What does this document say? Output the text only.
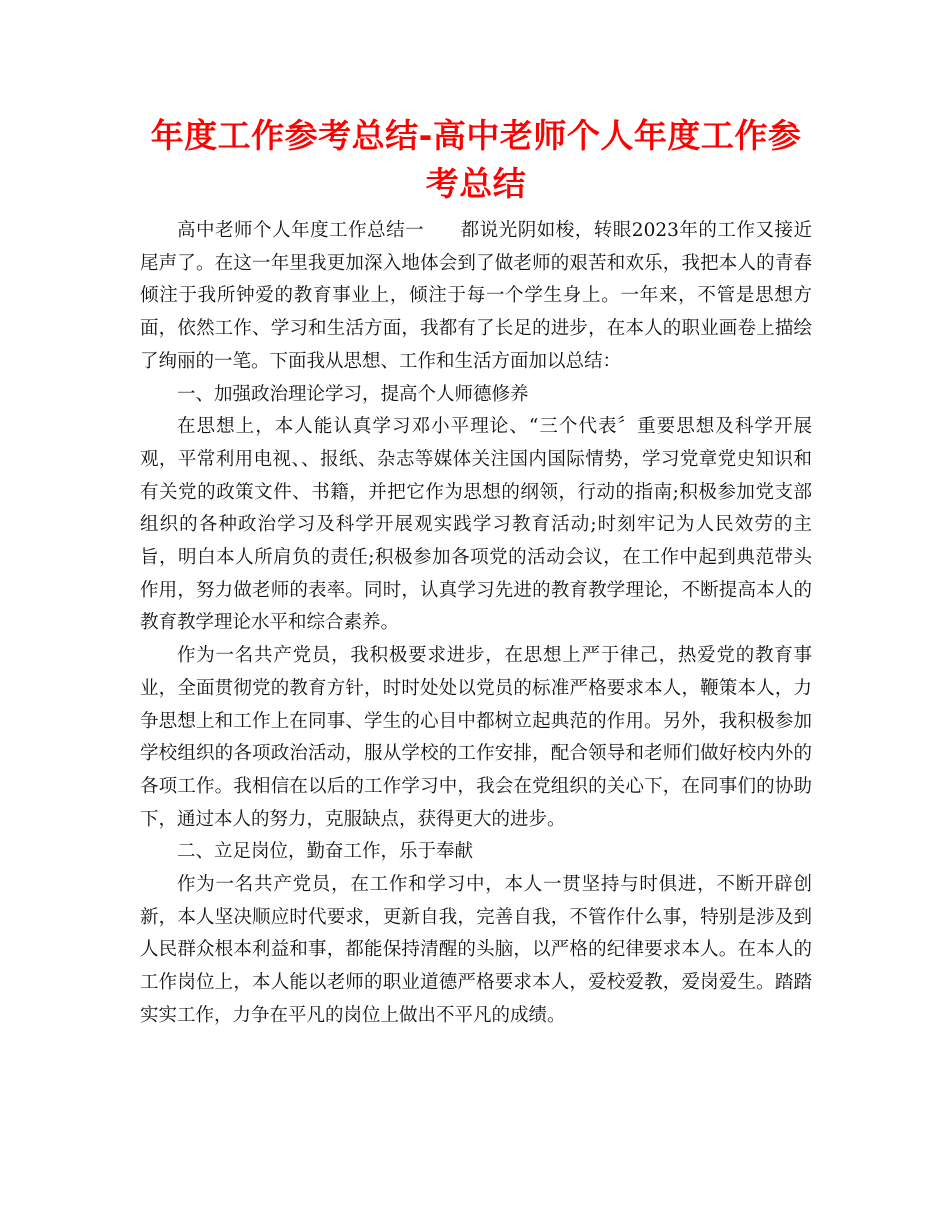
年度工作参考总结-高中老师个人年度工作参考总结

高中老师个人年度工作总结一 都说光阴如梭，转眼2023年的工作又接近尾声了。在这一年里我更加深入地体会到了做老师的艰苦和欢乐，我把本人的青春倾注于我所钟爱的教育事业上，倾注于每一个学生身上。一年来，不管是思想方面，依然工作、学习和生活方面，我都有了长足的进步，在本人的职业画卷上描绘了绚丽的一笔。下面我从思想、工作和生活方面加以总结：

一、加强政治理论学习，提高个人师德修养

在思想上，本人能认真学习邓小平理论、“三个代表〞重要思想及科学开展观，平常利用电视、、报纸、杂志等媒体关注国内国际情势，学习党章党史知识和有关党的政策文件、书籍，并把它作为思想的纲领，行动的指南;积极参加党支部组织的各种政治学习及科学开展观实践学习教育活动;时刻牢记为人民效劳的主旨，明白本人所肩负的责任;积极参加各项党的活动会议，在工作中起到典范带头作用，努力做老师的表率。同时，认真学习先进的教育教学理论，不断提高本人的教育教学理论水平和综合素养。

作为一名共产党员，我积极要求进步，在思想上严于律己，热爱党的教育事业，全面贯彻党的教育方针，时时处处以党员的标准严格要求本人，鞭策本人，力争思想上和工作上在同事、学生的心目中都树立起典范的作用。另外，我积极参加学校组织的各项政治活动，服从学校的工作安排，配合领导和老师们做好校内外的各项工作。我相信在以后的工作学习中，我会在党组织的关心下，在同事们的协助下，通过本人的努力，克服缺点，获得更大的进步。

二、立足岗位，勤奋工作，乐于奉献

作为一名共产党员，在工作和学习中，本人一贯坚持与时俱进，不断开辟创新，本人坚决顺应时代要求，更新自我，完善自我，不管作什么事，特别是涉及到人民群众根本利益和事，都能保持清醒的头脑，以严格的纪律要求本人。在本人的工作岗位上，本人能以老师的职业道德严格要求本人，爱校爱教，爱岗爱生。踏踏实实工作，力争在平凡的岗位上做出不平凡的成绩。
